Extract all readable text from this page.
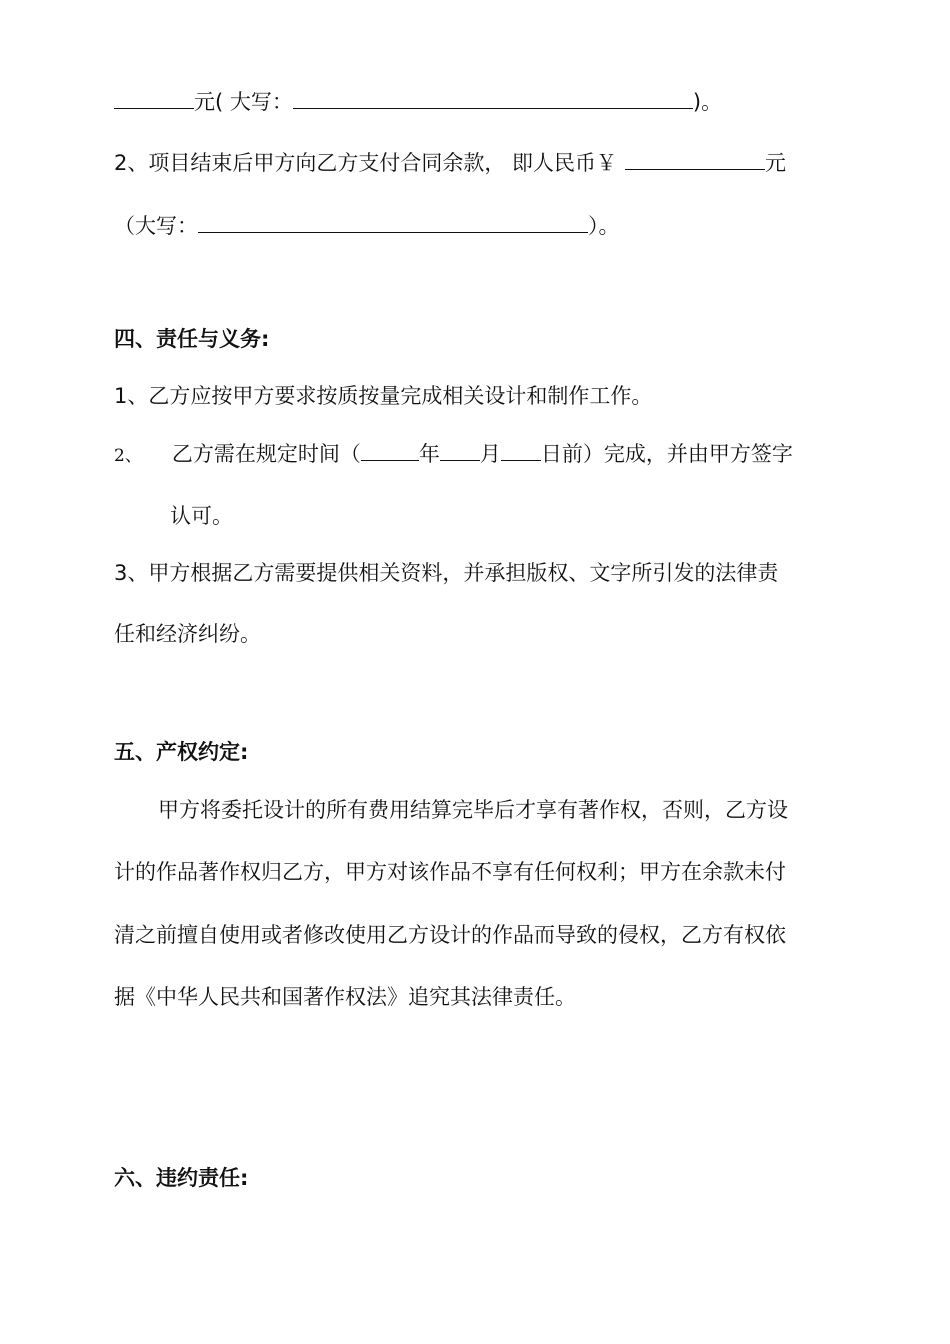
元( 大写：	)。
2、项目结束后甲方向乙方支付合同余款， 即人民币￥	元
（大写：	）。
四、责任与义务:
1、乙方应按甲方要求按质按量完成相关设计和制作工作。
2、 乙方需在规定时间（	年 月 日前）完成，并由甲方签字
认可。
3、甲方根据乙方需要提供相关资料，并承担版权、文字所引发的法律责
任和经济纠纷。
五、产权约定:
甲方将委托设计的所有费用结算完毕后才享有著作权，否则，乙方设
计的作品著作权归乙方，甲方对该作品不享有任何权利；甲方在余款未付
清之前擅自使用或者修改使用乙方设计的作品而导致的侵权，乙方有权依
据《中华人民共和国著作权法》追究其法律责任。
六、违约责任:
